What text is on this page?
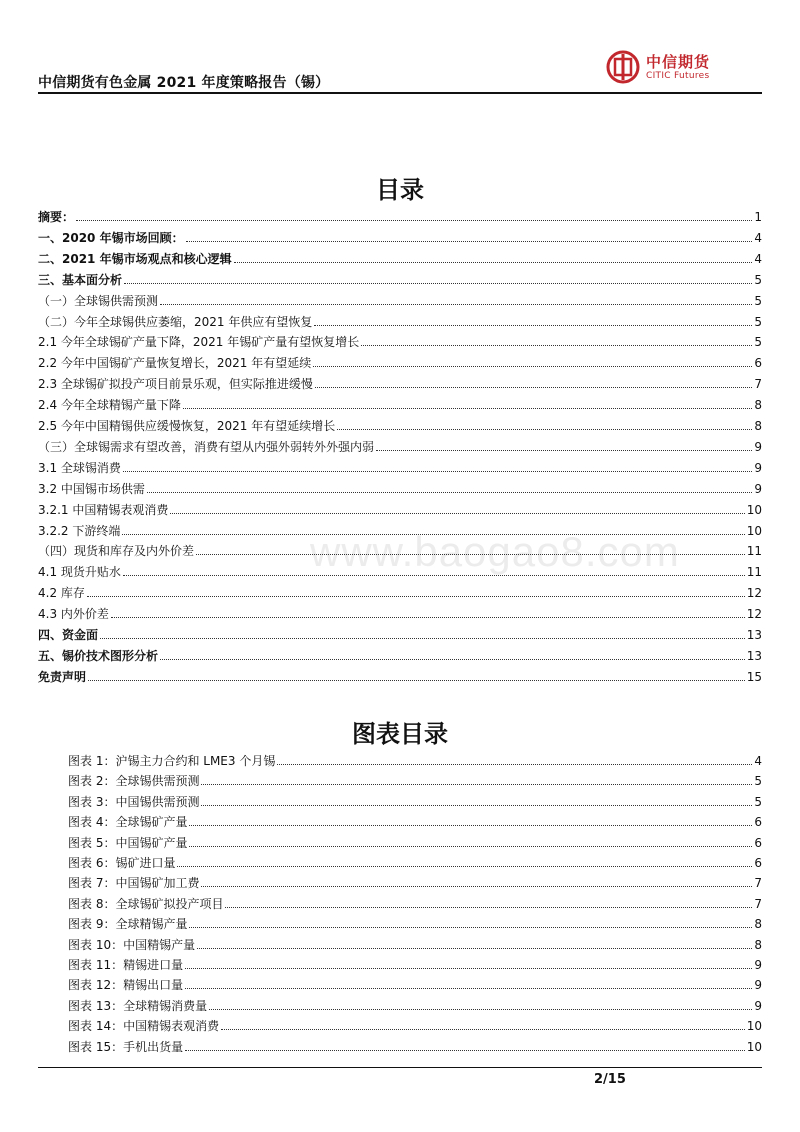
中信期货有色金属 2021 年度策略报告（锡）
中信期货
CITIC Futures
www.baogao8.com
目录
摘要：	1
一、2020 年锡市场回顾：	4
二、2021 年锡市场观点和核心逻辑	4
三、基本面分析	5
（一）全球锡供需预测	5
（二）今年全球锡供应萎缩，2021 年供应有望恢复	5
2.1 今年全球锡矿产量下降，2021 年锡矿产量有望恢复增长	5
2.2 今年中国锡矿产量恢复增长，2021 年有望延续	6
2.3 全球锡矿拟投产项目前景乐观，但实际推进缓慢	7
2.4 今年全球精锡产量下降	8
2.5 今年中国精锡供应缓慢恢复，2021 年有望延续增长	8
（三）全球锡需求有望改善，消费有望从内强外弱转外外强内弱	9
3.1 全球锡消费	9
3.2 中国锡市场供需	9
3.2.1 中国精锡表观消费	10
3.2.2 下游终端	10
（四）现货和库存及内外价差	11
4.1 现货升贴水	11
4.2 库存	12
4.3 内外价差	12
四、资金面	13
五、锡价技术图形分析	13
免责声明	15
图表目录
图表 1：沪锡主力合约和 LME3 个月锡	4
图表 2：全球锡供需预测	5
图表 3：中国锡供需预测	5
图表 4：全球锡矿产量	6
图表 5：中国锡矿产量	6
图表 6：锡矿进口量	6
图表 7：中国锡矿加工费	7
图表 8：全球锡矿拟投产项目	7
图表 9：全球精锡产量	8
图表 10：中国精锡产量	8
图表 11：精锡进口量	9
图表 12：精锡出口量	9
图表 13：全球精锡消费量	9
图表 14：中国精锡表观消费	10
图表 15：手机出货量	10
2/15
